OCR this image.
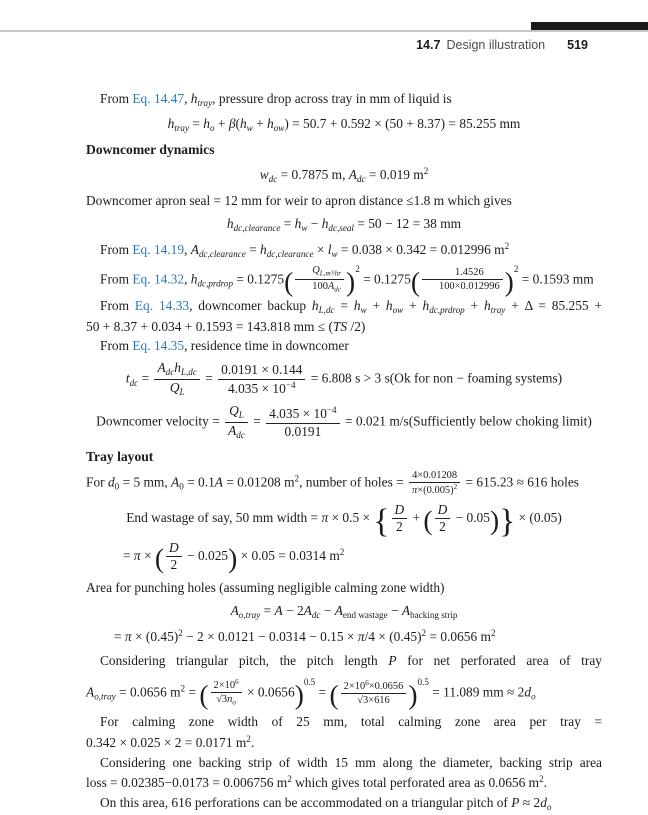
14.7 Design illustration 519
From Eq. 14.47, $h_{tray}$, pressure drop across tray in mm of liquid is
$h_{tray} = h_o + \beta(h_w + h_{ow}) = 50.7 + 0.592 \times (50 + 8.37) = 85.255$ mm
Downcomer dynamics
$w_{dc} = 0.7875$ m, $A_{dc} = 0.019$ $m^2$
Downcomer apron seal = 12 mm for weir to apron distance ≤1.8 m which gives
$h_{dc,clearance} = h_w - h_{dc,seal} = 50 - 12 = 38$ mm
From Eq. 14.19, $A_{dc,clearance} = h_{dc,clearance} \times l_w = 0.038 \times 0.342 = 0.012996$ $m^2$
From Eq. 14.32, $h_{dc,prdrop} = 0.1275( \frac{Q_{L,m^3/hr}}{100A_{dc}} )^2 = 0.1275( \frac{1.4526}{100\times 0.012996} )^2 = 0.1593$ mm
From Eq. 14.33, downcomer backup $h_{L,dc} = h_w + h_{ow} + h_{dc,prdrop} + h_{tray} + \Delta = 85.255$ +
50 + 8.37 + 0.034 + 0.1593 = 143.818 mm ≤ (TS /2)
From Eq. 14.35, residence time in downcomer
$t_{dc} = \frac{A_{dc}h_{L,dc}}{Q_L} = \frac{0.0191 \times 0.144}{4.035 \times 10^{-4}} = 6.808$ s > 3 s(Ok for non − foaming systems)
Downcomer velocity = $\frac{Q_L}{A_{dc}} = \frac{4.035 \times 10^{-4}}{0.0191} = 0.021$ m/s(Sufficiently below choking limit)
Tray layout
For $d_0 = 5$ mm, $A_0 = 0.1A = 0.01208$ $m^2$, number of holes = $\frac{4\times 0.01208}{\pi\times(0.005)^2} = 615.23 \approx 616$ holes
End wastage of say, 50 mm width = π × 0.5 × { $\frac{D}{2}$ + ( $\frac{D}{2} - 0.05)\} \times (0.05)$
= π × ( $\frac{D}{2} - 0.025) \times 0.05 = 0.0314$ $m^2$
Area for punching holes (assuming negligible calming zone width)
$A_{o,tray} = A - 2A_{dc} - A_{end wastage} - A_{backing strip}$
= $\pi \times (0.45)^2 - 2 \times 0.0121 - 0.0314 - 0.15 \times \pi/4 \times (0.45)^2 = 0.0656$ $m^2$
Considering triangular pitch, the pitch length P for net perforated area of tray
$A_{o,tray} = 0.0656$ $m^2$ = ( $\frac{2\times 10^6}{√3n_o} \times 0.0656)^{0.5}$ = ( $\frac{2\times 10^6\times 0.0656}{√3\times 616} )^{0.5} = 11.089$ mm ≈ $2d_o$
For calming zone width of 25 mm, total calming zone area per tray =
0.342 × 0.025 × 2 = 0.0171 $m^2$.
Considering one backing strip of width 15 mm along the diameter, backing strip area
loss = 0.02385−0.0173 = 0.006756 $m^2$ which gives total perforated area as 0.0656 $m^2$.
On this area, 616 perforations can be accommodated on a triangular pitch of $P \approx 2d_o$
